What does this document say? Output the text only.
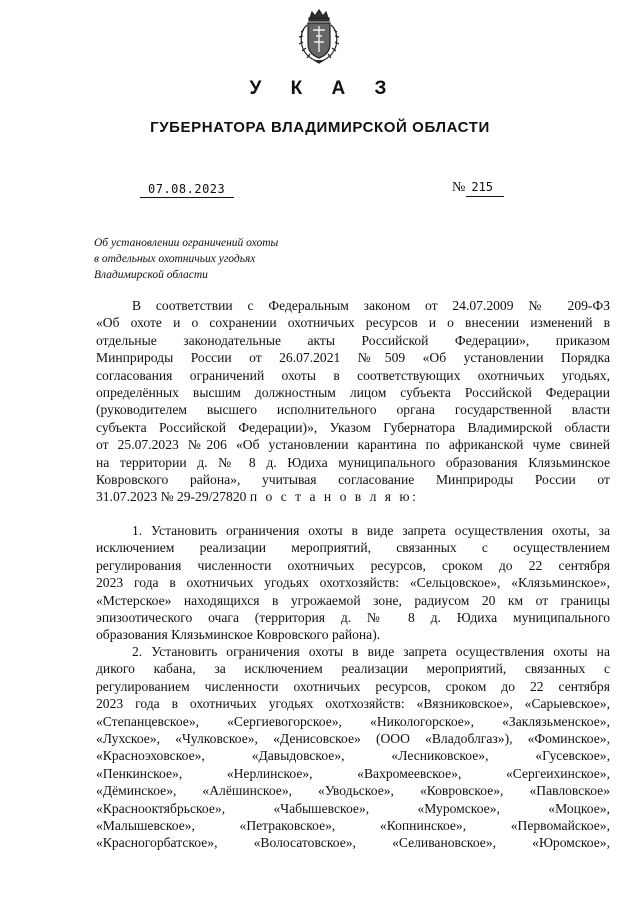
У К А З
ГУБЕРНАТОРА ВЛАДИМИРСКОЙ ОБЛАСТИ
07.08.2023	№ 215
Об установлении ограничений охоты
в отдельных охотничьих угодьях
Владимирской области
В соответствии с Федеральным законом от 24.07.2009 № 209-ФЗ
«Об охоте и о сохранении охотничьих ресурсов и о внесении изменений в
отдельные законодательные акты Российской Федерации», приказом
Минприроды России от 26.07.2021 №509 «Об установлении Порядка
согласования ограничений охоты в соответствующих охотничьих угодьях,
определённых высшим должностным лицом субъекта Российской Федерации
(руководителем высшего исполнительного органа государственной власти
субъекта Российской Федерации)», Указом Губернатора Владимирской области
от 25.07.2023 №206 «Об установлении карантина по африканской чуме свиней
на территории д. № 8 д. Юдиха муниципального образования Клязьминское
Ковровского района», учитывая согласование Минприроды России от
31.07.2023 № 29-29/27820 п о с т а н о в л я ю:
1. Установить ограничения охоты в виде запрета осуществления охоты, за
исключением реализации мероприятий, связанных с осуществлением
регулирования численности охотничьих ресурсов, сроком до 22 сентября
2023 года в охотничьих угодьях охотхозяйств: «Сельцовское», «Клязьминское»,
«Мстерское» находящихся в угрожаемой зоне, радиусом 20 км от границы
эпизоотического очага (территория д. № 8 д. Юдиха муниципального
образования Клязьминское Ковровского района).
2. Установить ограничения охоты в виде запрета осуществления охоты на
дикого кабана, за исключением реализации мероприятий, связанных с
регулированием численности охотничьих ресурсов, сроком до 22 сентября
2023 года в охотничьих угодьях охотхозяйств: «Вязниковское», «Сарыевское»,
«Степанцевское», «Сергиевогорское», «Никологорское», «Заклязьменское»,
«Лухское», «Чулковское», «Денисовское» (ООО «Владоблгаз»), «Фоминское»,
«Красноэховское», «Давыдовское», «Лесниковское», «Гусевское»,
«Пенкинское», «Нерлинское», «Вахромеевское», «Сергеихинское»,
«Дёминское», «Алёшинское», «Уводьское», «Ковровское», «Павловское»
«Краснооктябрьское», «Чабышевское», «Муромское», «Моцкое»,
«Малышевское», «Петраковское», «Копнинское», «Первомайское»,
«Красногорбатское», «Волосатовское», «Селивановское», «Юромское»,
